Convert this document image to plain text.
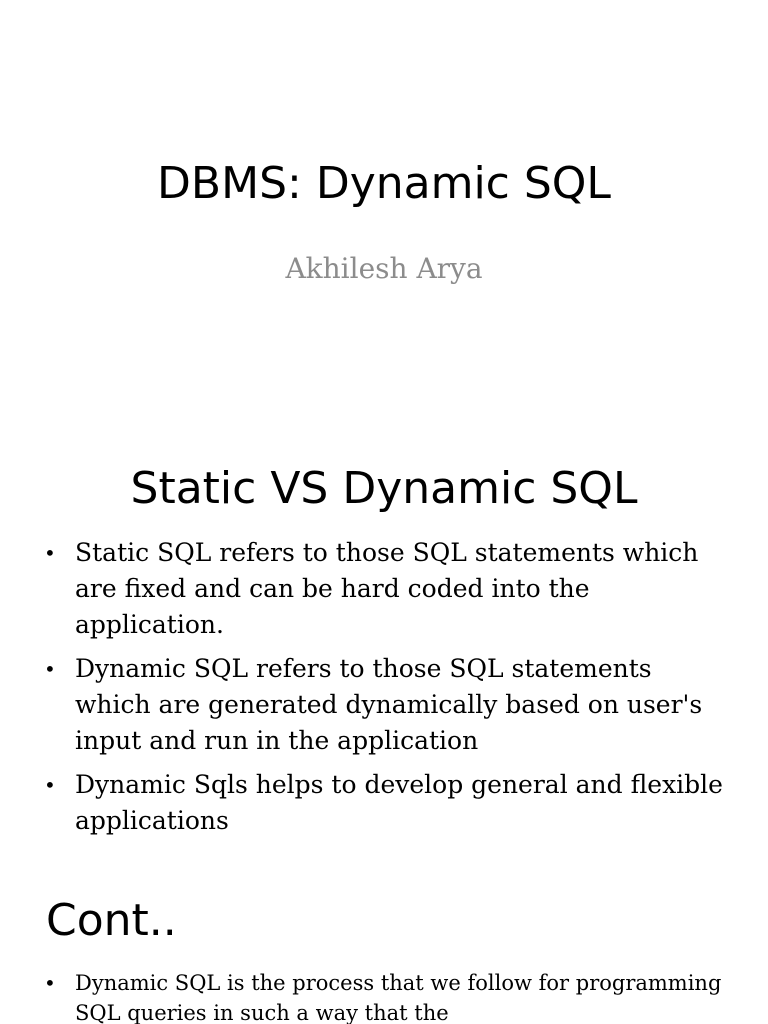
DBMS: Dynamic SQL

Akhilesh Arya

Static VS Dynamic SQL
• Static SQL refers to those SQL statements which are fixed and can be hard coded into the application.
• Dynamic SQL refers to those SQL statements which are generated dynamically based on user's input and run in the application
• Dynamic Sqls helps to develop general and flexible applications
Cont..
• Dynamic SQL is the process that we follow for programming SQL queries in such a way that the
